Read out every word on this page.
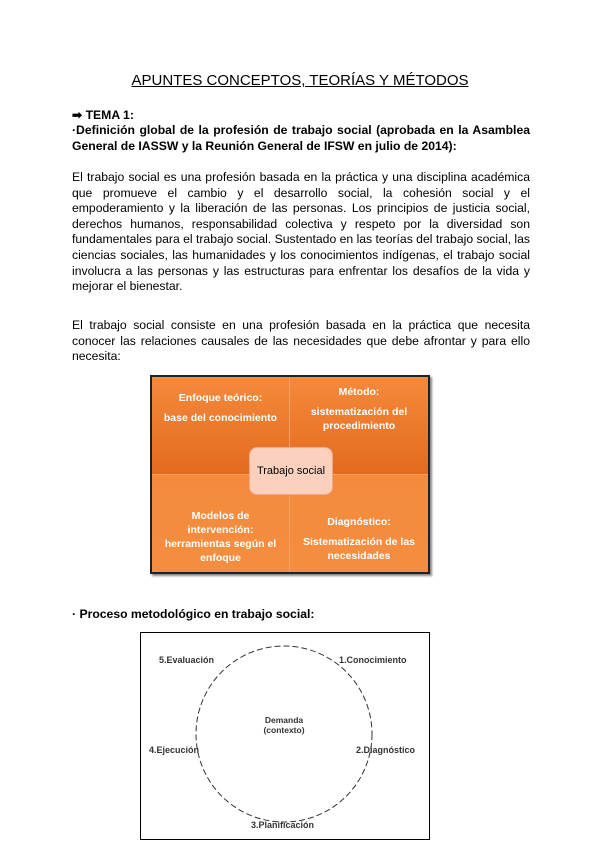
APUNTES CONCEPTOS, TEORÍAS Y MÉTODOS
➡ TEMA 1:
·Definición global de la profesión de trabajo social (aprobada en la Asamblea General de IASSW y la Reunión General de IFSW en julio de 2014):
El trabajo social es una profesión basada en la práctica y una disciplina académica que promueve el cambio y el desarrollo social, la cohesión social y el empoderamiento y la liberación de las personas. Los principios de justicia social, derechos humanos, responsabilidad colectiva y respeto por la diversidad son fundamentales para el trabajo social. Sustentado en las teorías del trabajo social, las ciencias sociales, las humanidades y los conocimientos indígenas, el trabajo social involucra a las personas y las estructuras para enfrentar los desafíos de la vida y mejorar el bienestar.
El trabajo social consiste en una profesión basada en la práctica que necesita conocer las relaciones causales de las necesidades que debe afrontar y para ello necesita:

Enfoque teórico:

base del conocimiento

Método:

sistematización del procedimiento

Modelos de intervención:

herramientas según el enfoque

Diagnóstico:

Sistematización de las necesidades

Trabajo social
· Proceso metodológico en trabajo social:
Demanda (contexto)
1.Conocimiento
2.Diagnóstico
3.Planificación
4.Ejecución
5.Evaluación
